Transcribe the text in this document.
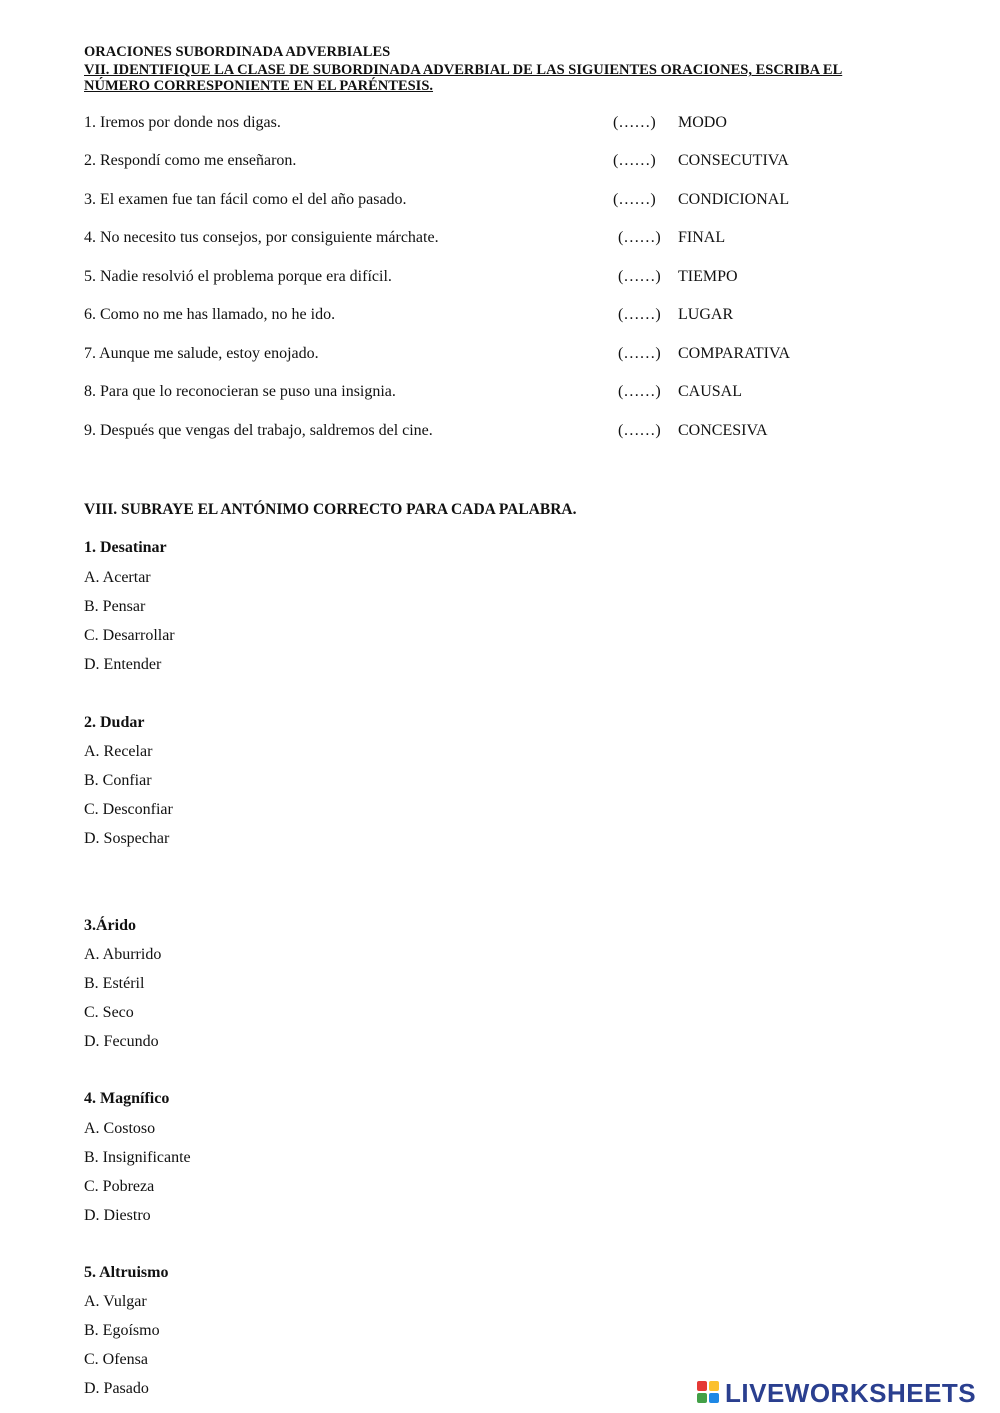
ORACIONES SUBORDINADA ADVERBIALES
VII. IDENTIFIQUE LA CLASE DE SUBORDINADA ADVERBIAL DE LAS SIGUIENTES ORACIONES, ESCRIBA EL
NÚMERO CORRESPONIENTE EN EL PARÉNTESIS.
1. Iremos por donde nos digas.	(……) MODO
2. Respondí como me enseñaron.	(……) CONSECUTIVA
3. El examen fue tan fácil como el del año pasado.	(……) CONDICIONAL
4. No necesito tus consejos, por consiguiente márchate.	(……) FINAL
5. Nadie resolvió el problema porque era difícil.	(……) TIEMPO
6. Como no me has llamado, no he ido.	(……) LUGAR
7. Aunque me salude, estoy enojado.	(……) COMPARATIVA
8. Para que lo reconocieran se puso una insignia.	(……) CAUSAL
9. Después que vengas del trabajo, saldremos del cine.	(……) CONCESIVA
VIII. SUBRAYE EL ANTÓNIMO CORRECTO PARA CADA PALABRA.
1. Desatinar
A. Acertar
B. Pensar
C. Desarrollar
D. Entender
2. Dudar
A. Recelar
B. Confiar
C. Desconfiar
D. Sospechar
3.Árido
A. Aburrido
B. Estéril
C. Seco
D. Fecundo
4. Magnífico
A. Costoso
B. Insignificante
C. Pobreza
D. Diestro
5. Altruismo
A. Vulgar
B. Egoísmo
C. Ofensa
D. Pasado	LIVEWORKSHEETS
